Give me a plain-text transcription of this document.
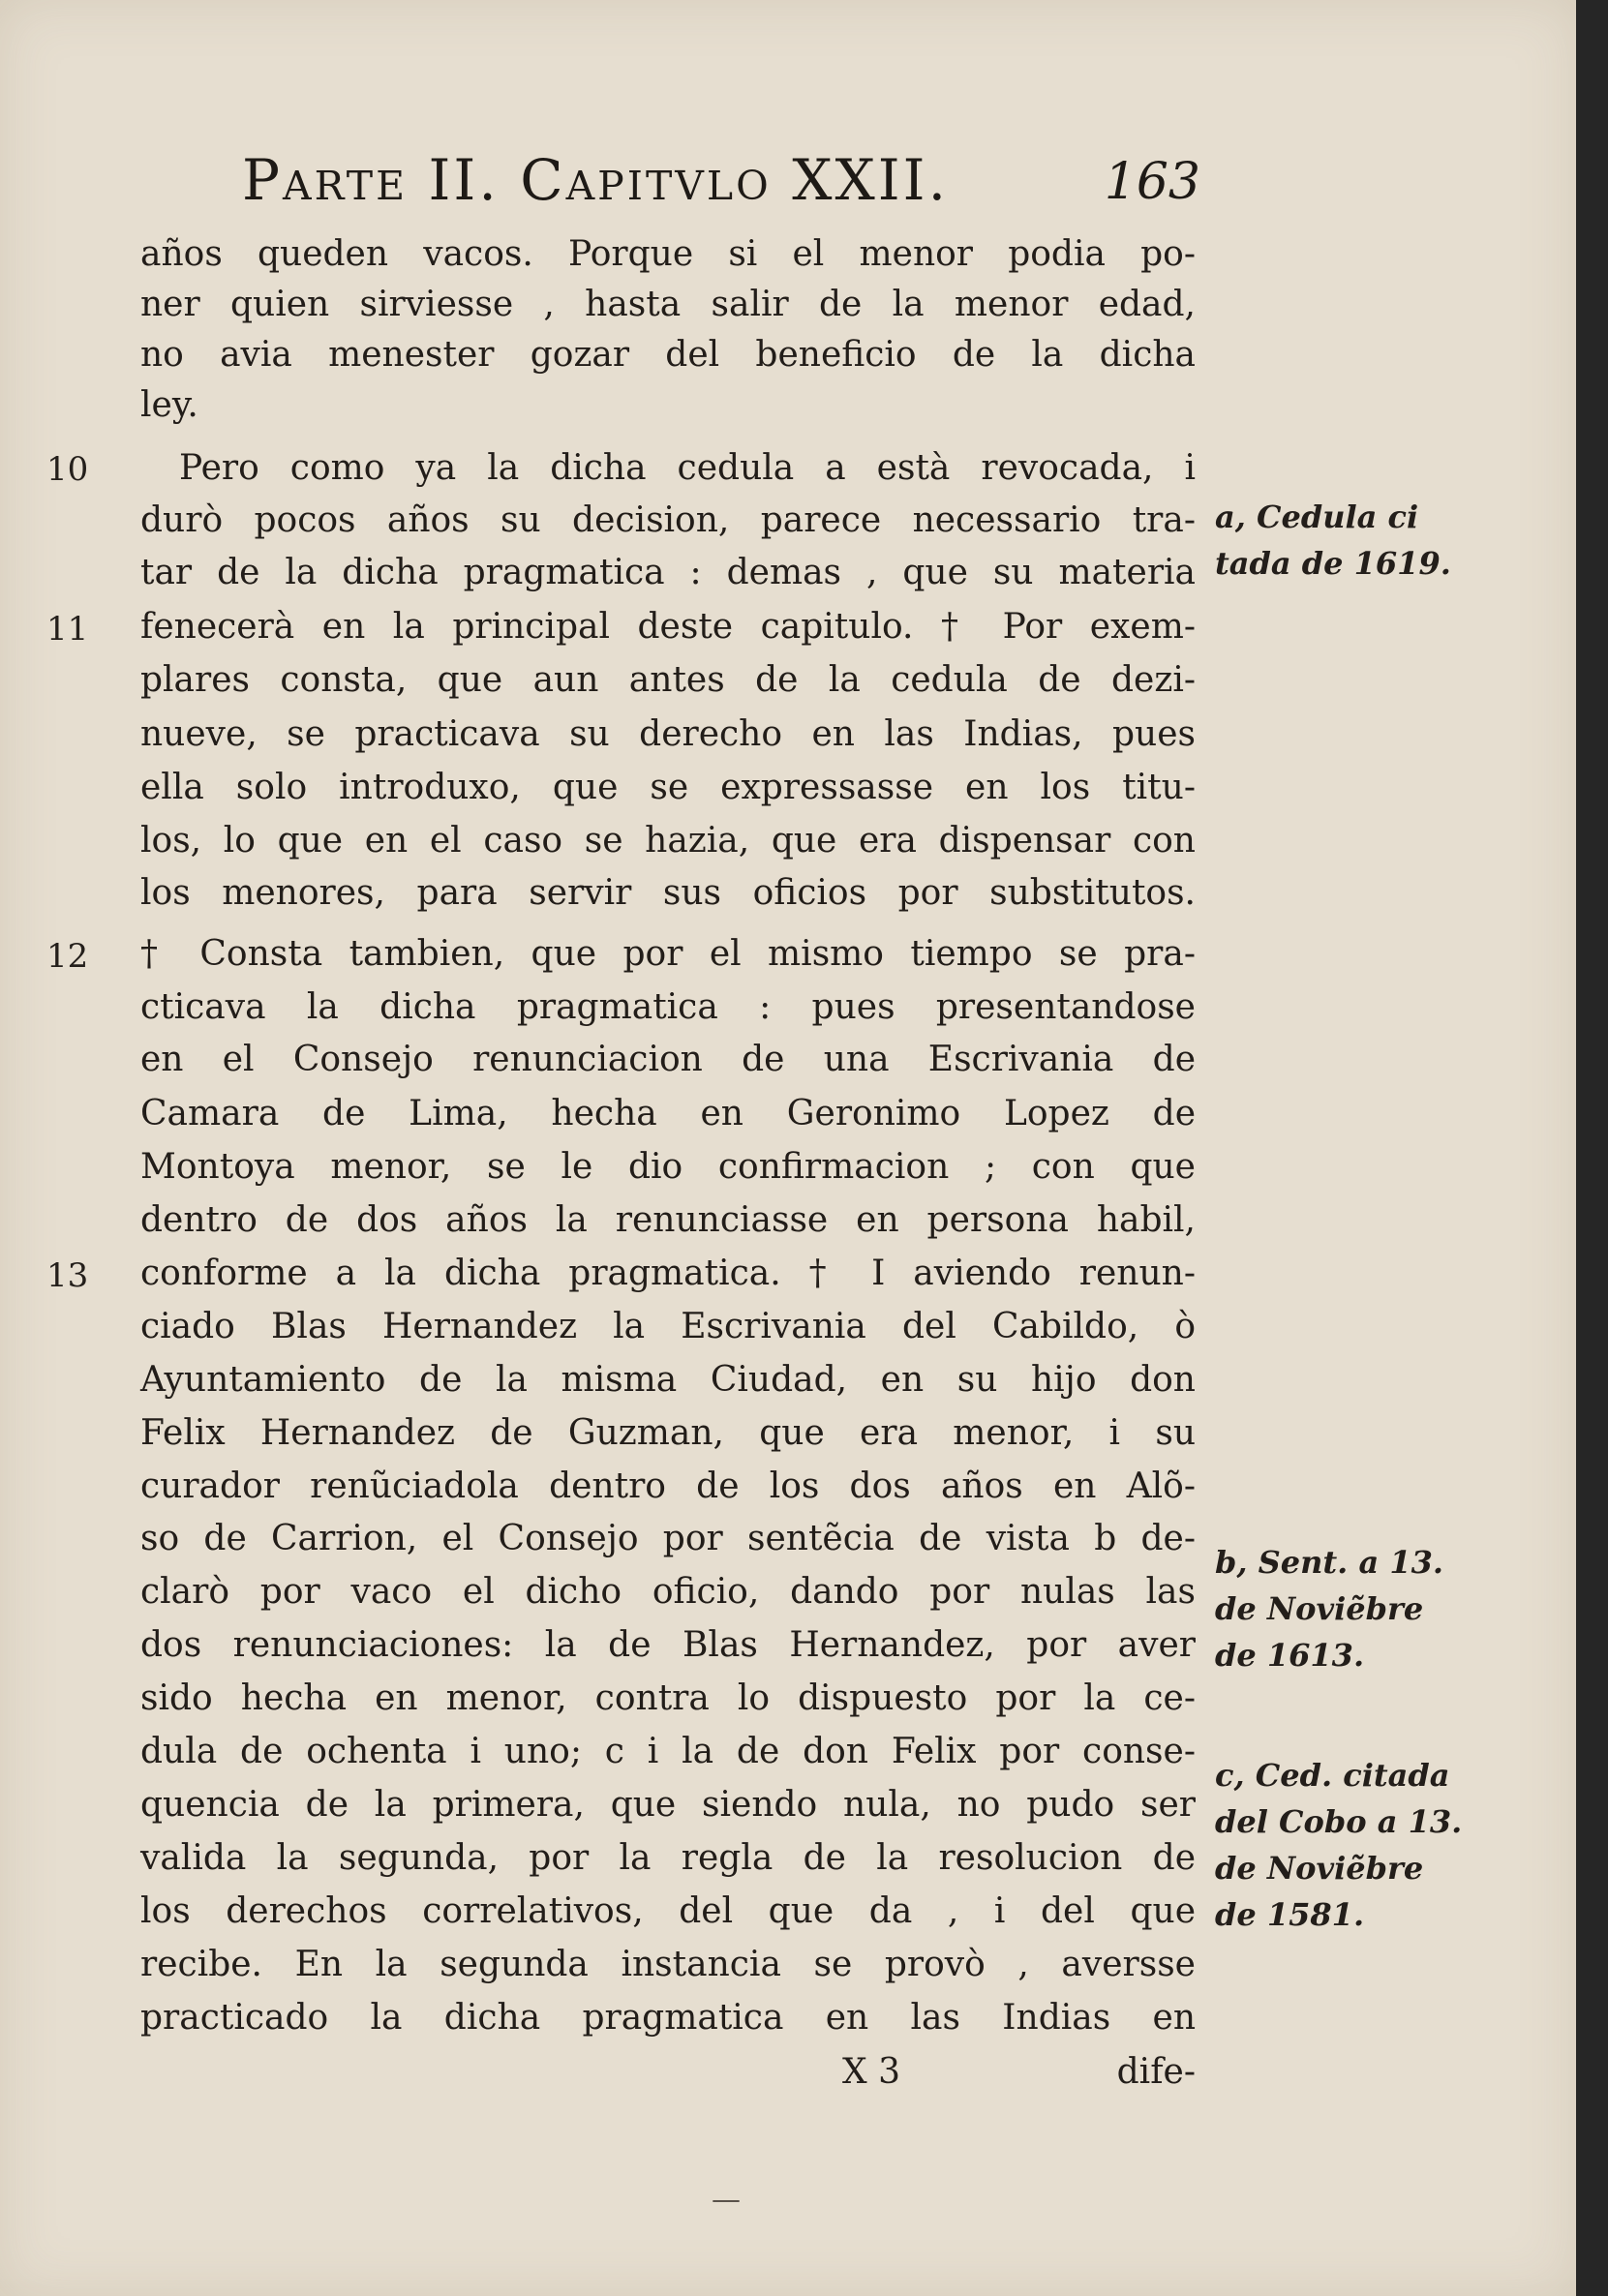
Parte II. Capitvlo XXII.	163
años queden vacos. Porque si el menor podia po-
ner quien sirviesse , hasta salir de la menor edad,
no avia menester gozar del beneficio de la dicha
ley.
Pero como ya la dicha cedula a està revocada, i
durò pocos años su decision, parece necessario tra-
tar de la dicha pragmatica : demas , que su materia
fenecerà en la principal deste capitulo. † Por exem-
plares consta, que aun antes de la cedula de dezi-
nueve, se practicava su derecho en las Indias, pues
ella solo introduxo, que se expressasse en los titu-
los, lo que en el caso se hazia, que era dispensar con
los menores, para servir sus oficios por substitutos.
† Consta tambien, que por el mismo tiempo se pra-
cticava la dicha pragmatica : pues presentandose
en el Consejo renunciacion de una Escrivania de
Camara de Lima, hecha en Geronimo Lopez de
Montoya menor, se le dio confirmacion ; con que
dentro de dos años la renunciasse en persona habil,
conforme a la dicha pragmatica. † I aviendo renun-
ciado Blas Hernandez la Escrivania del Cabildo, ò
Ayuntamiento de la misma Ciudad, en su hijo don
Felix Hernandez de Guzman, que era menor, i su
curador renũciadola dentro de los dos años en Alõ-
so de Carrion, el Consejo por sentẽcia de vista b de-
clarò por vaco el dicho oficio, dando por nulas las
dos renunciaciones: la de Blas Hernandez, por aver
sido hecha en menor, contra lo dispuesto por la ce-
dula de ochenta i uno; c i la de don Felix por conse-
quencia de la primera, que siendo nula, no pudo ser
valida la segunda, por la regla de la resolucion de
los derechos correlativos, del que da , i del que
recibe. En la segunda instancia se provò , aversse
practicado la dicha pragmatica en las Indias en
X 3	dife-
10
11
12
13
a, Cedula ci
tada de 1619.
b, Sent. a 13.
de Noviẽbre
de 1613.
c, Ced. citada
del Cobo a 13.
de Noviẽbre
de 1581.
—
